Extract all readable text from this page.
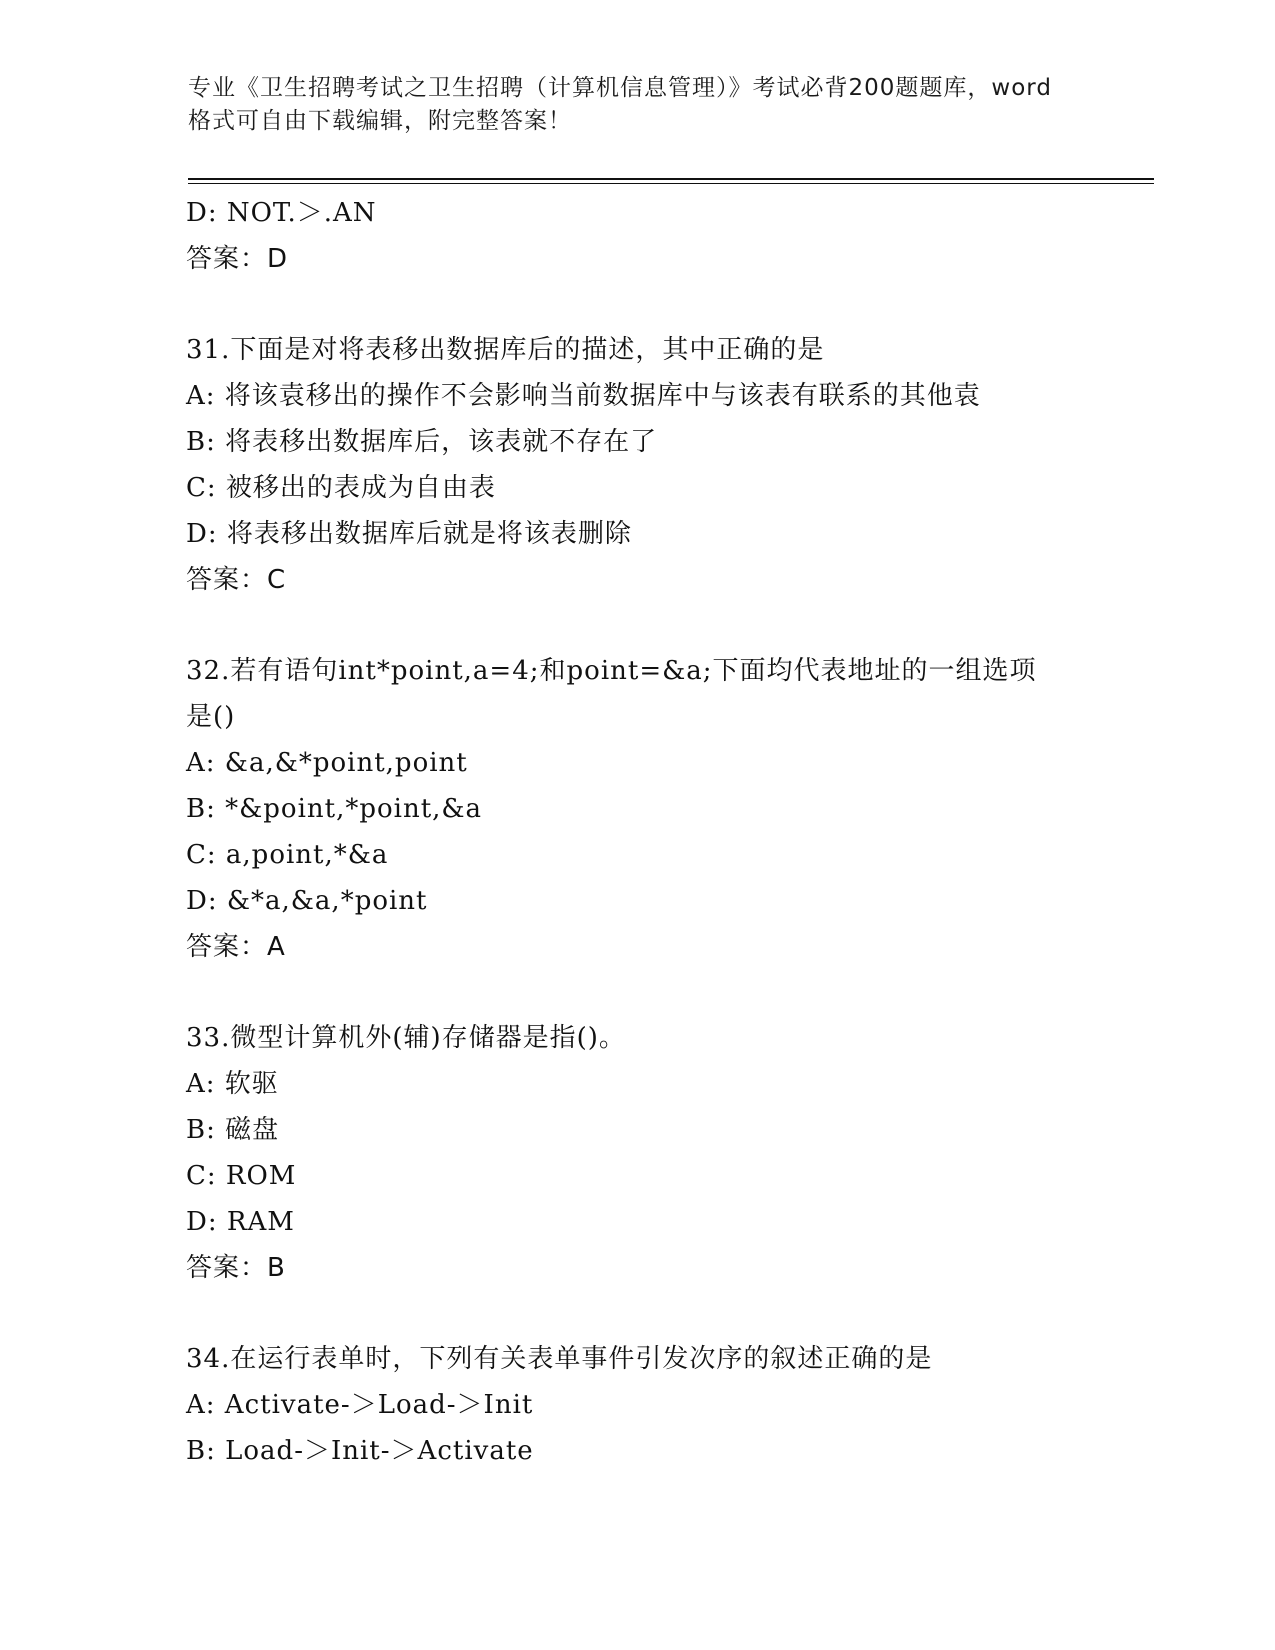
专业《卫生招聘考试之卫生招聘（计算机信息管理）》考试必背200题题库，word
格式可自由下载编辑，附完整答案！
D: NOT.＞.AN
答案：D
31.下面是对将表移出数据库后的描述，其中正确的是
A: 将该袁移出的操作不会影响当前数据库中与该表有联系的其他袁
B: 将表移出数据库后，该表就不存在了
C: 被移出的表成为自由表
D: 将表移出数据库后就是将该表删除
答案：C
32.若有语句int*point,a=4;和point=&a;下面均代表地址的一组选项
是()
A: &a,&*point,point
B: *&point,*point,&a
C: a,point,*&a
D: &*a,&a,*point
答案：A
33.微型计算机外(辅)存储器是指()。
A: 软驱
B: 磁盘
C: ROM
D: RAM
答案：B
34.在运行表单时，下列有关表单事件引发次序的叙述正确的是
A: Activate-＞Load-＞Init
B: Load-＞Init-＞Activate
